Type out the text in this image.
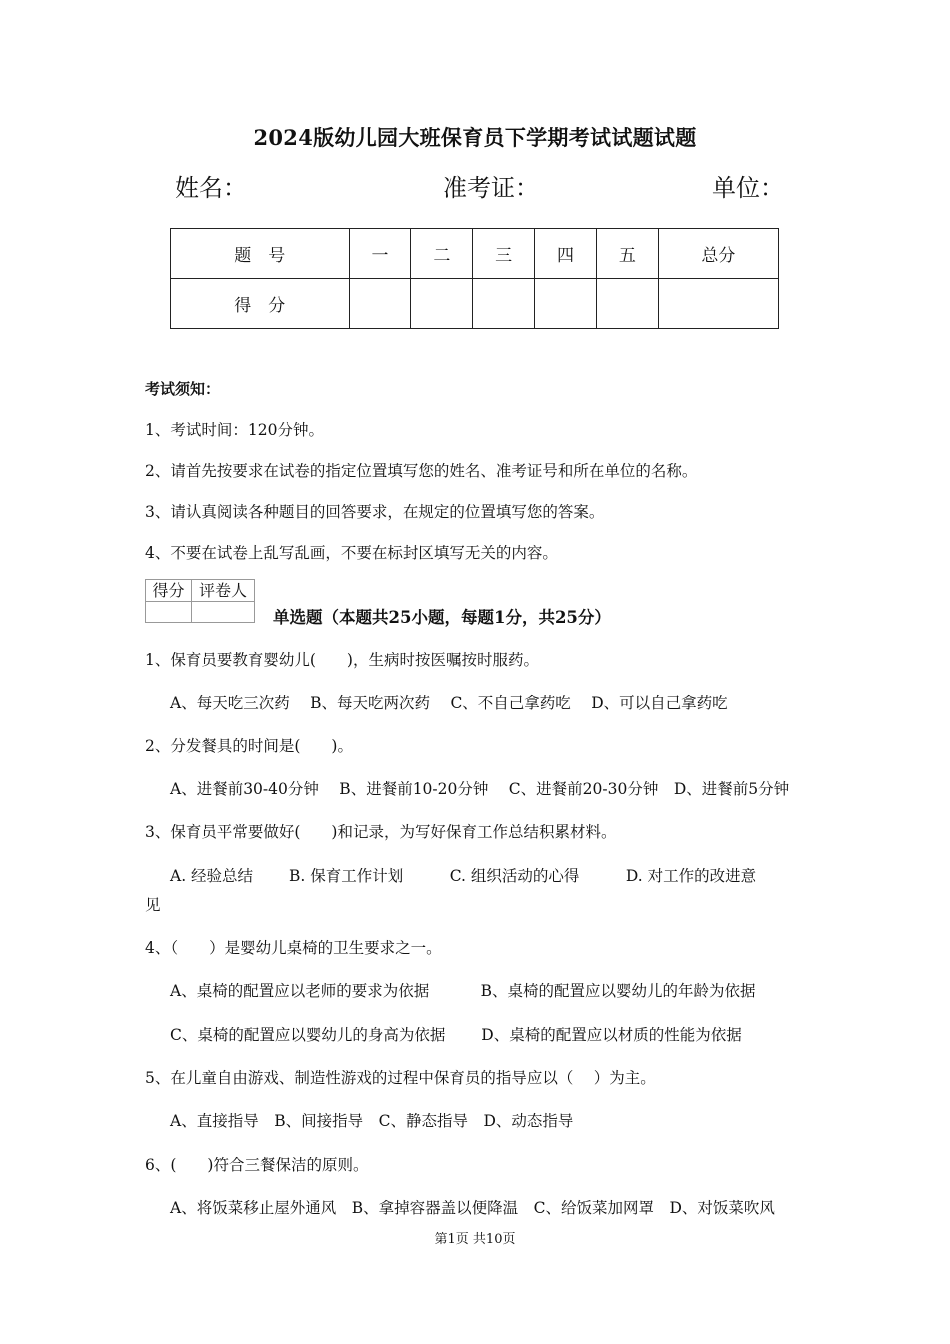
2024版幼儿园大班保育员下学期考试试题试题
姓名：	准考证：	单位：
题　号	一	二	三	四	五	总分
得　分						
考试须知：
1、考试时间：120分钟。
2、请首先按要求在试卷的指定位置填写您的姓名、准考证号和所在单位的名称。
3、请认真阅读各种题目的回答要求，在规定的位置填写您的答案。
4、不要在试卷上乱写乱画，不要在标封区填写无关的内容。
得分 评卷人
单选题（本题共25小题，每题1分，共25分）
1、保育员要教育婴幼儿(　　)，生病时按医嘱按时服药。
A、每天吃三次药　 B、每天吃两次药　 C、不自己拿药吃　 D、可以自己拿药吃
2、分发餐具的时间是(　　)。
A、进餐前30-40分钟　 B、进餐前10-20分钟　 C、进餐前20-30分钟　D、进餐前5分钟
3、保育员平常要做好(　　)和记录，为写好保育工作总结积累材料。
A. 经验总结　　 B. 保育工作计划　　　C. 组织活动的心得　　　D. 对工作的改进意
见
4、（　　）是婴幼儿桌椅的卫生要求之一。
A、桌椅的配置应以老师的要求为依据　　　 B、桌椅的配置应以婴幼儿的年龄为依据
C、桌椅的配置应以婴幼儿的身高为依据　　 D、桌椅的配置应以材质的性能为依据
5、在儿童自由游戏、制造性游戏的过程中保育员的指导应以（　 ）为主。
A、直接指导　B、间接指导　C、静态指导　D、动态指导
6、(　　)符合三餐保洁的原则。
A、将饭菜移止屋外通风　B、拿掉容器盖以便降温　C、给饭菜加网罩　D、对饭菜吹风
第1页 共10页
